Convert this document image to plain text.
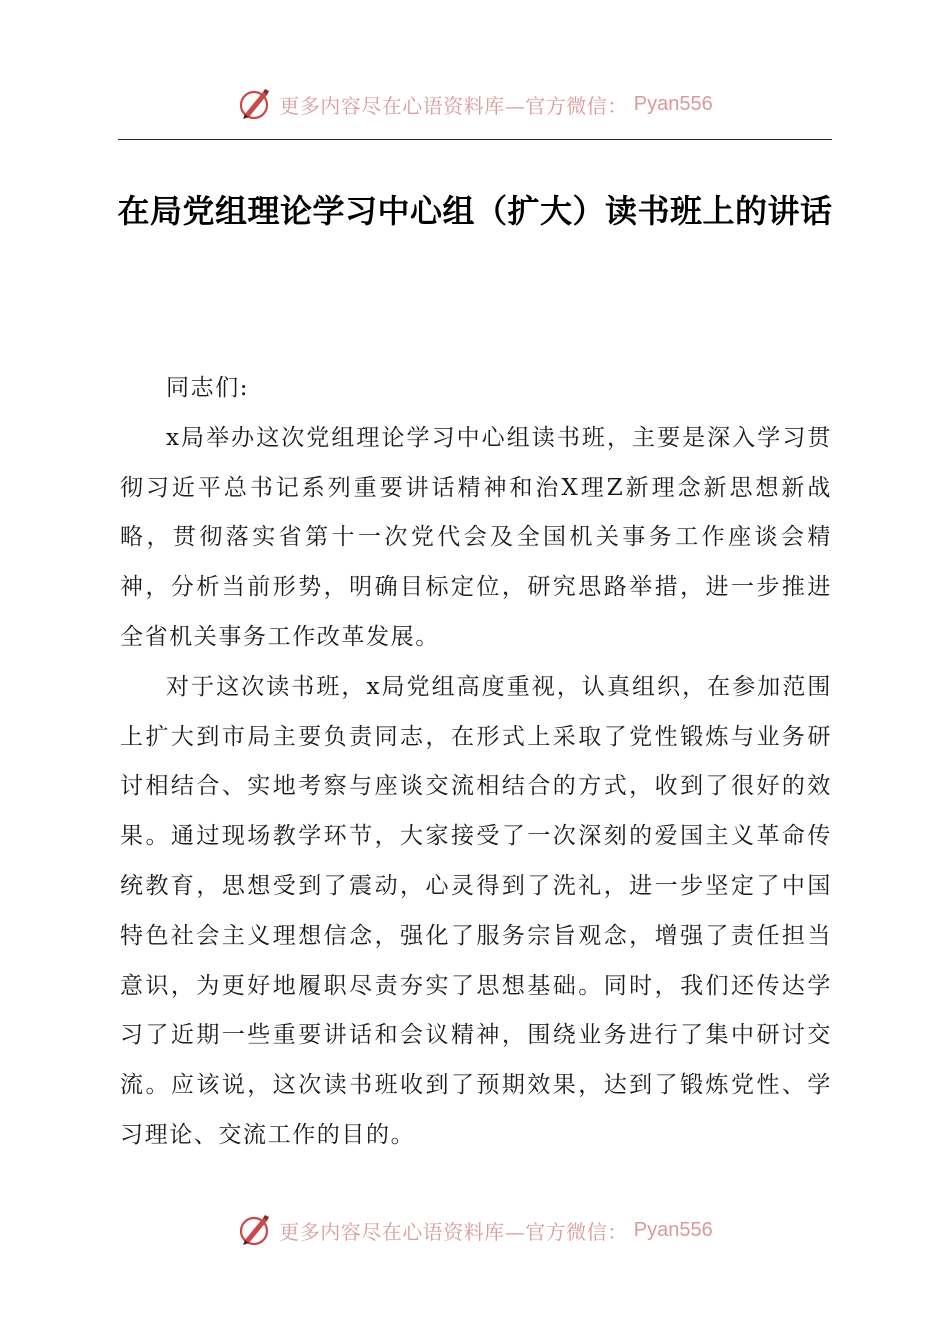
更多内容尽在心语资料库—官方微信： Pyan556
在局党组理论学习中心组（扩大）读书班上的讲话

同志们:

x局举办这次党组理论学习中心组读书班，主要是深入学习贯彻习近平总书记系列重要讲话精神和治X理Z新理念新思想新战略，贯彻落实省第十一次党代会及全国机关事务工作座谈会精神，分析当前形势，明确目标定位，研究思路举措，进一步推进全省机关事务工作改革发展。

对于这次读书班，x局党组高度重视，认真组织，在参加范围上扩大到市局主要负责同志，在形式上采取了党性锻炼与业务研讨相结合、实地考察与座谈交流相结合的方式，收到了很好的效果。通过现场教学环节，大家接受了一次深刻的爱国主义革命传统教育，思想受到了震动，心灵得到了洗礼，进一步坚定了中国特色社会主义理想信念，强化了服务宗旨观念，增强了责任担当意识，为更好地履职尽责夯实了思想基础。同时，我们还传达学习了近期一些重要讲话和会议精神，围绕业务进行了集中研讨交流。应该说，这次读书班收到了预期效果，达到了锻炼党性、学习理论、交流工作的目的。

更多内容尽在心语资料库—官方微信： Pyan556
